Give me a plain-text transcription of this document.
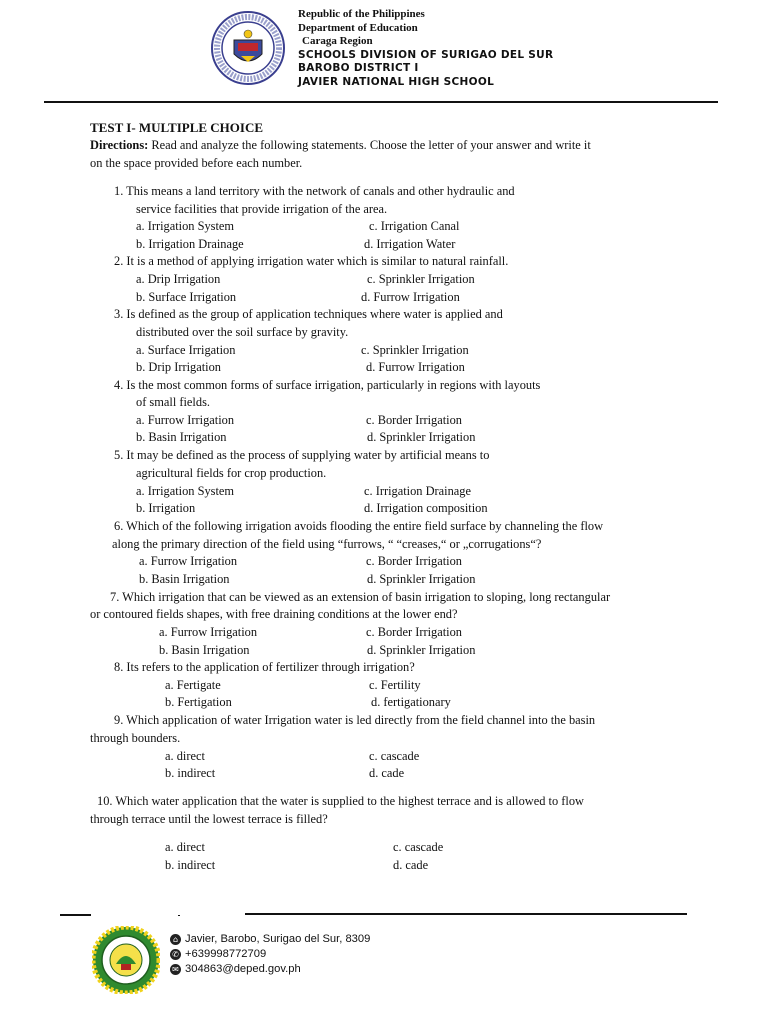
Republic of the Philippines
Department of Education
Caraga Region
SCHOOLS DIVISION OF SURIGAO DEL SUR
BAROBO DISTRICT I
JAVIER NATIONAL HIGH SCHOOL
TEST I- MULTIPLE CHOICE
Directions: Read and analyze the following statements. Choose the letter of your answer and write it
on the space provided before each number.
1. This means a land territory with the network of canals and other hydraulic and
service facilities that provide irrigation of the area.
a. Irrigation System	c. Irrigation Canal
b. Irrigation Drainage	d. Irrigation Water
2. It is a method of applying irrigation water which is similar to natural rainfall.
a. Drip Irrigation	c. Sprinkler Irrigation
b. Surface Irrigation	d. Furrow Irrigation
3. Is defined as the group of application techniques where water is applied and
distributed over the soil surface by gravity.
a. Surface Irrigation	c. Sprinkler Irrigation
b. Drip Irrigation	d. Furrow Irrigation
4. Is the most common forms of surface irrigation, particularly in regions with layouts
of small fields.
a. Furrow Irrigation	c. Border Irrigation
b. Basin Irrigation	d. Sprinkler Irrigation
5. It may be defined as the process of supplying water by artificial means to
agricultural fields for crop production.
a. Irrigation System	c. Irrigation Drainage
b. Irrigation	d. Irrigation composition
6. Which of the following irrigation avoids flooding the entire field surface by channeling the flow
along the primary direction of the field using “furrows, “ “creases,“ or „corrugations“?
a. Furrow Irrigation	c. Border Irrigation
b. Basin Irrigation	d. Sprinkler Irrigation
7. Which irrigation that can be viewed as an extension of basin irrigation to sloping, long rectangular
or contoured fields shapes, with free draining conditions at the lower end?
a. Furrow Irrigation	c. Border Irrigation
b. Basin Irrigation	d. Sprinkler Irrigation
8. Its refers to the application of fertilizer through irrigation?
a. Fertigate	c. Fertility
b. Fertigation	d. fertigationary
9. Which application of water Irrigation water is led directly from the field channel into the basin
through bounders.
a. direct	c. cascade
b. indirect	d. cade
10. Which water application that the water is supplied to the highest terrace and is allowed to flow
through terrace until the lowest terrace is filled?
a. direct	c. cascade
b. indirect	d. cade
⌂ Javier, Barobo, Surigao del Sur, 8309
✆ +639998772709
✉ 304863@deped.gov.ph
